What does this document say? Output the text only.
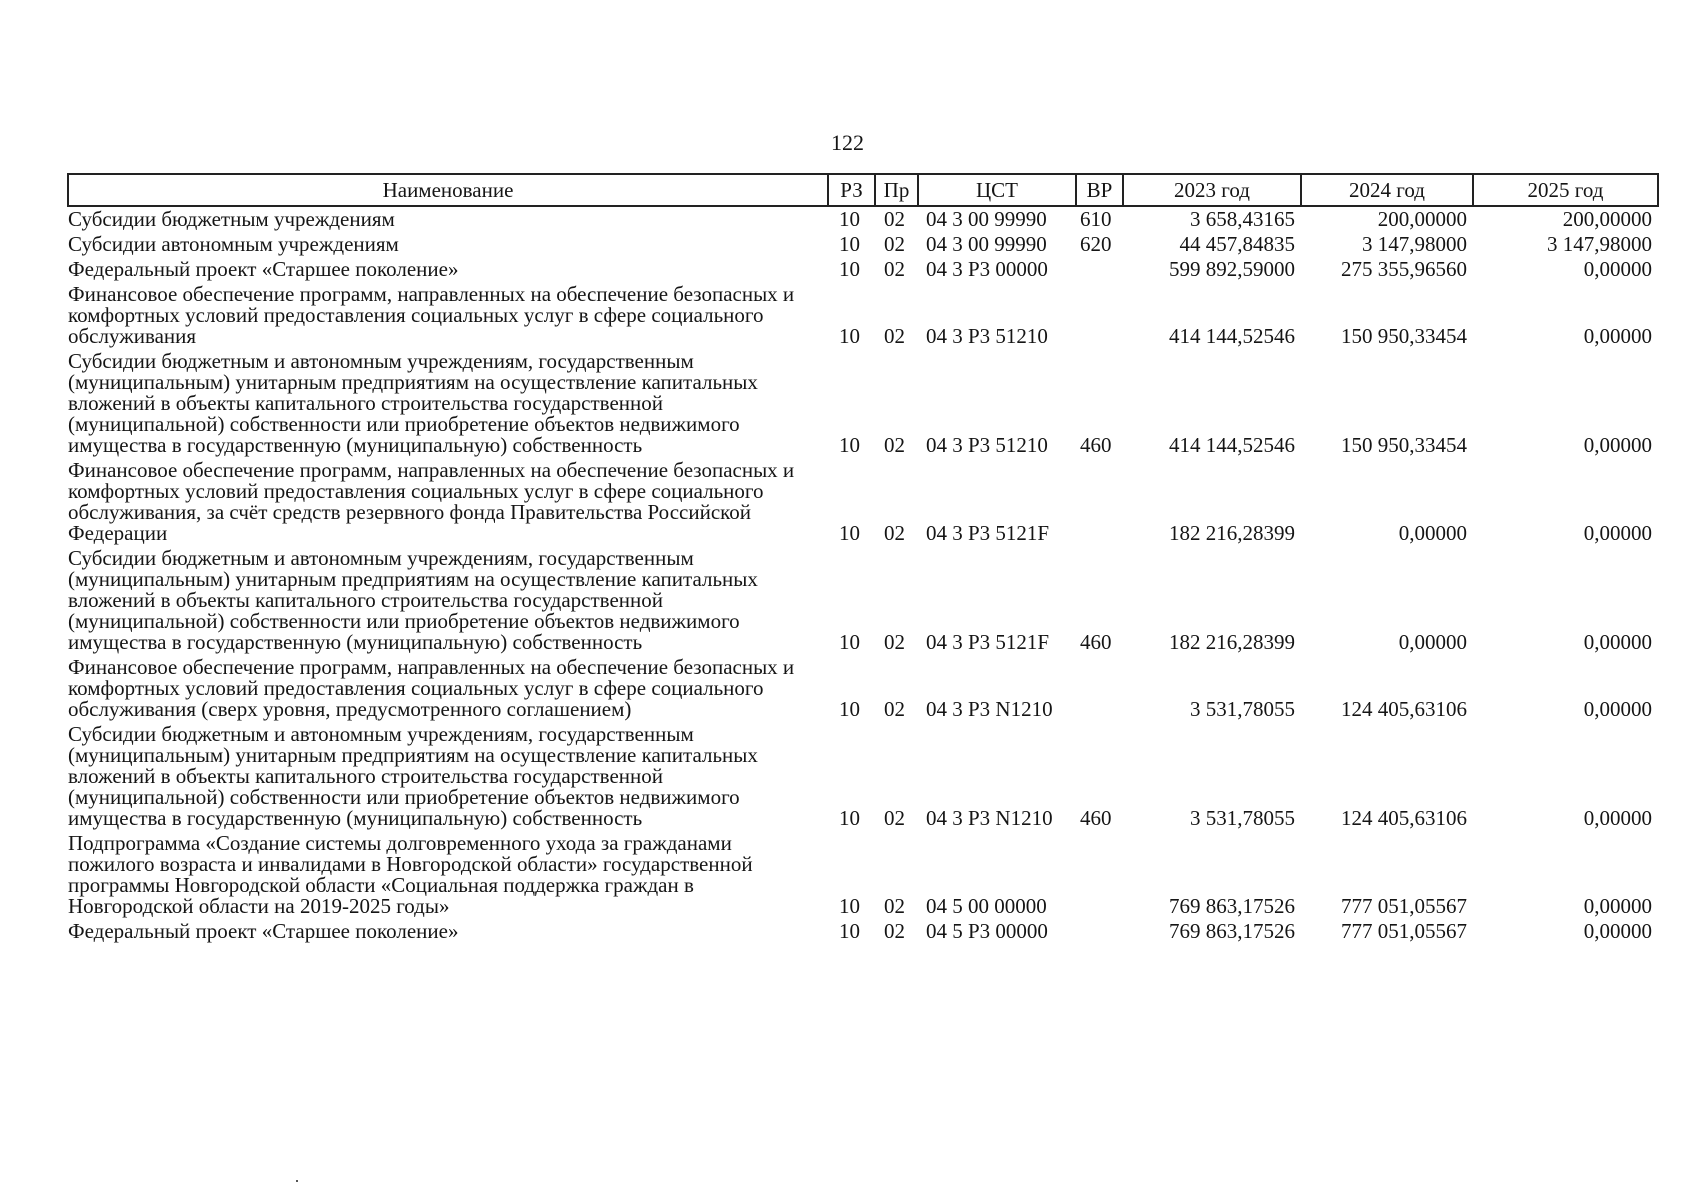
122
Наименование	РЗ	Пр	ЦСТ	ВР	2023 год	2024 год	2025 год
Субсидии бюджетным учреждениям	10	02	04 3 00 99990	610	3 658,43165	200,00000	200,00000
Субсидии автономным учреждениям	10	02	04 3 00 99990	620	44 457,84835	3 147,98000	3 147,98000
Федеральный проект «Старшее поколение»	10	02	04 3 Р3 00000		599 892,59000	275 355,96560	0,00000
Финансовое обеспечение программ, направленных на обеспечение безопасных и комфортных условий предоставления социальных услуг в сфере социального обслуживания	10	02	04 3 Р3 51210		414 144,52546	150 950,33454	0,00000
Субсидии бюджетным и автономным учреждениям, государственным (муниципальным) унитарным предприятиям на осуществление капитальных вложений в объекты капитального строительства государственной (муниципальной) собственности или приобретение объектов недвижимого имущества в государственную (муниципальную) собственность	10	02	04 3 Р3 51210	460	414 144,52546	150 950,33454	0,00000
Финансовое обеспечение программ, направленных на обеспечение безопасных и комфортных условий предоставления социальных услуг в сфере социального обслуживания, за счёт средств резервного фонда Правительства Российской Федерации	10	02	04 3 Р3 5121F		182 216,28399	0,00000	0,00000
Субсидии бюджетным и автономным учреждениям, государственным (муниципальным) унитарным предприятиям на осуществление капитальных вложений в объекты капитального строительства государственной (муниципальной) собственности или приобретение объектов недвижимого имущества в государственную (муниципальную) собственность	10	02	04 3 Р3 5121F	460	182 216,28399	0,00000	0,00000
Финансовое обеспечение программ, направленных на обеспечение безопасных и комфортных условий предоставления социальных услуг в сфере социального обслуживания (сверх уровня, предусмотренного соглашением)	10	02	04 3 Р3 N1210		3 531,78055	124 405,63106	0,00000
Субсидии бюджетным и автономным учреждениям, государственным (муниципальным) унитарным предприятиям на осуществление капитальных вложений в объекты капитального строительства государственной (муниципальной) собственности или приобретение объектов недвижимого имущества в государственную (муниципальную) собственность	10	02	04 3 Р3 N1210	460	3 531,78055	124 405,63106	0,00000
Подпрограмма «Создание системы долговременного ухода за гражданами пожилого возраста и инвалидами в Новгородской области» государственной программы Новгородской области «Социальная поддержка граждан в Новгородской области на 2019-2025 годы»	10	02	04 5 00 00000		769 863,17526	777 051,05567	0,00000
Федеральный проект «Старшее поколение»	10	02	04 5 Р3 00000		769 863,17526	777 051,05567	0,00000
